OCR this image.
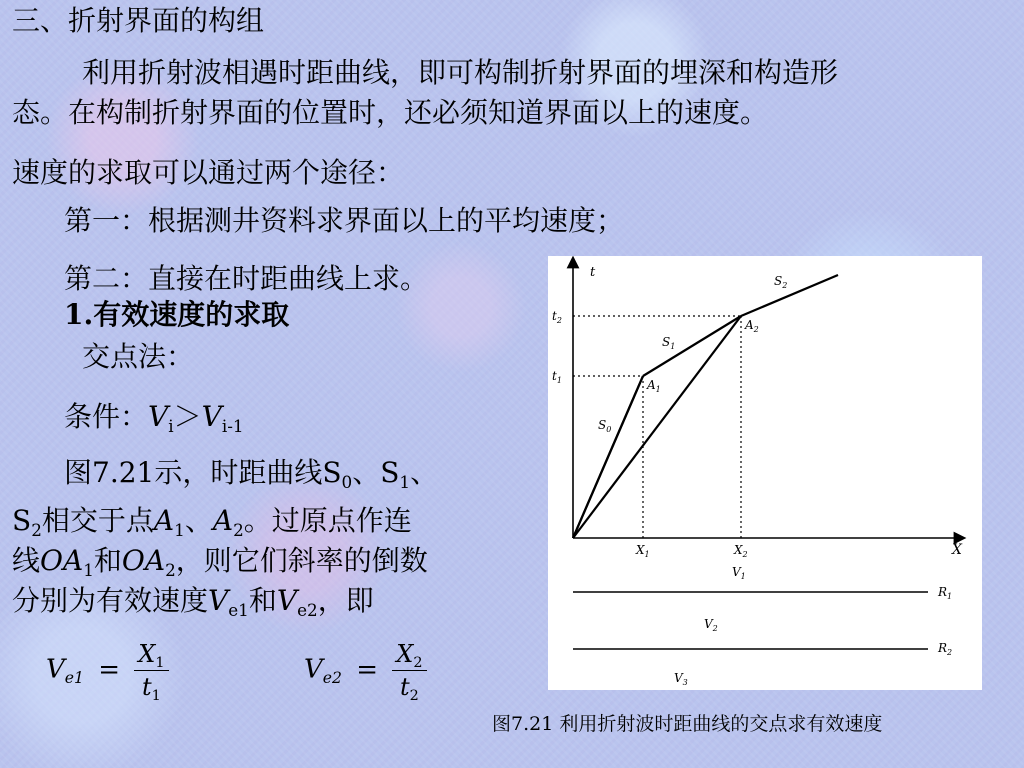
三、折射界面的构组
利用折射波相遇时距曲线，即可构制折射界面的埋深和构造形
态。在构制折射界面的位置时，还必须知道界面以上的速度。
速度的求取可以通过两个途径：
第一：根据测井资料求界面以上的平均速度；
第二：直接在时距曲线上求。
1.有效速度的求取
交点法：
条件：$V_i>V_{i-1}$
图7.21示，时距曲线$S_0$、$S_1$、
$S_2$相交于点$A_1$、$A_2$。过原点作连
线$OA_1$和$OA_2$，则它们斜率的倒数
分别为有效速度$V_{e1}$和$V_{e2}$，即
$V_{e1} = \frac{X_1}{t_1}$	$V_{e2} = \frac{X_2}{t_2}$
t
X
$t_2$
$t_1$
$S_2$
$S_1$
$S_0$
$A_2$
$A_1$
$X_1$	$X_2$
$V_1$
$V_2$
$V_3$
$R_1$
$R_2$
图7.21 利用折射波时距曲线的交点求有效速度
